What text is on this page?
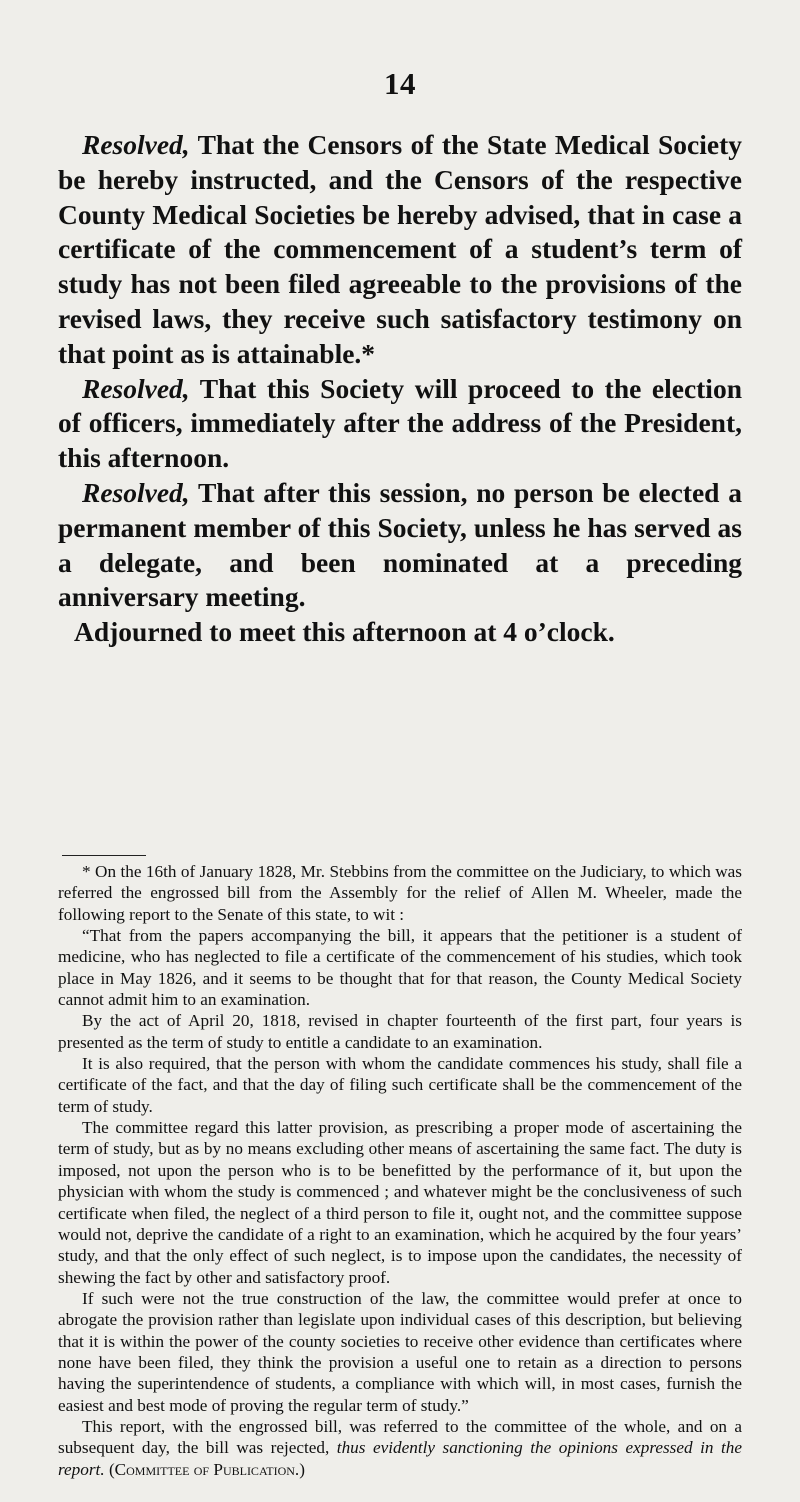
14

Resolved, That the Censors of the State Medical Society be hereby instructed, and the Censors of the respective County Medical Societies be hereby advised, that in case a certificate of the commencement of a student’s term of study has not been filed agreeable to the provisions of the revised laws, they receive such satisfactory testimony on that point as is attainable.*

Resolved, That this Society will proceed to the election of officers, immediately after the address of the President, this afternoon.

Resolved, That after this session, no person be elected a permanent member of this Society, unless he has served as a delegate, and been nominated at a preceding anniversary meeting.

Adjourned to meet this afternoon at 4 o’clock.

* On the 16th of January 1828, Mr. Stebbins from the committee on the Judiciary, to which was referred the engrossed bill from the Assembly for the relief of Allen M. Wheeler, made the following report to the Senate of this state, to wit :

“That from the papers accompanying the bill, it appears that the petitioner is a student of medicine, who has neglected to file a certificate of the commencement of his studies, which took place in May 1826, and it seems to be thought that for that reason, the County Medical Society cannot admit him to an examination.

By the act of April 20, 1818, revised in chapter fourteenth of the first part, four years is presented as the term of study to entitle a candidate to an examination.

It is also required, that the person with whom the candidate commences his study, shall file a certificate of the fact, and that the day of filing such certificate shall be the commencement of the term of study.

The committee regard this latter provision, as prescribing a proper mode of ascertaining the term of study, but as by no means excluding other means of ascertaining the same fact. The duty is imposed, not upon the person who is to be benefitted by the performance of it, but upon the physician with whom the study is commenced ; and whatever might be the conclusiveness of such certificate when filed, the neglect of a third person to file it, ought not, and the committee suppose would not, deprive the candidate of a right to an examination, which he acquired by the four years’ study, and that the only effect of such neglect, is to impose upon the candidates, the necessity of shewing the fact by other and satisfactory proof.

If such were not the true construction of the law, the committee would prefer at once to abrogate the provision rather than legislate upon individual cases of this description, but believing that it is within the power of the county societies to receive other evidence than certificates where none have been filed, they think the provision a useful one to retain as a direction to persons having the superintendence of students, a compliance with which will, in most cases, furnish the easiest and best mode of proving the regular term of study.”

This report, with the engrossed bill, was referred to the committee of the whole, and on a subsequent day, the bill was rejected, thus evidently sanctioning the opinions expressed in the report. (Committee of Publication.)
